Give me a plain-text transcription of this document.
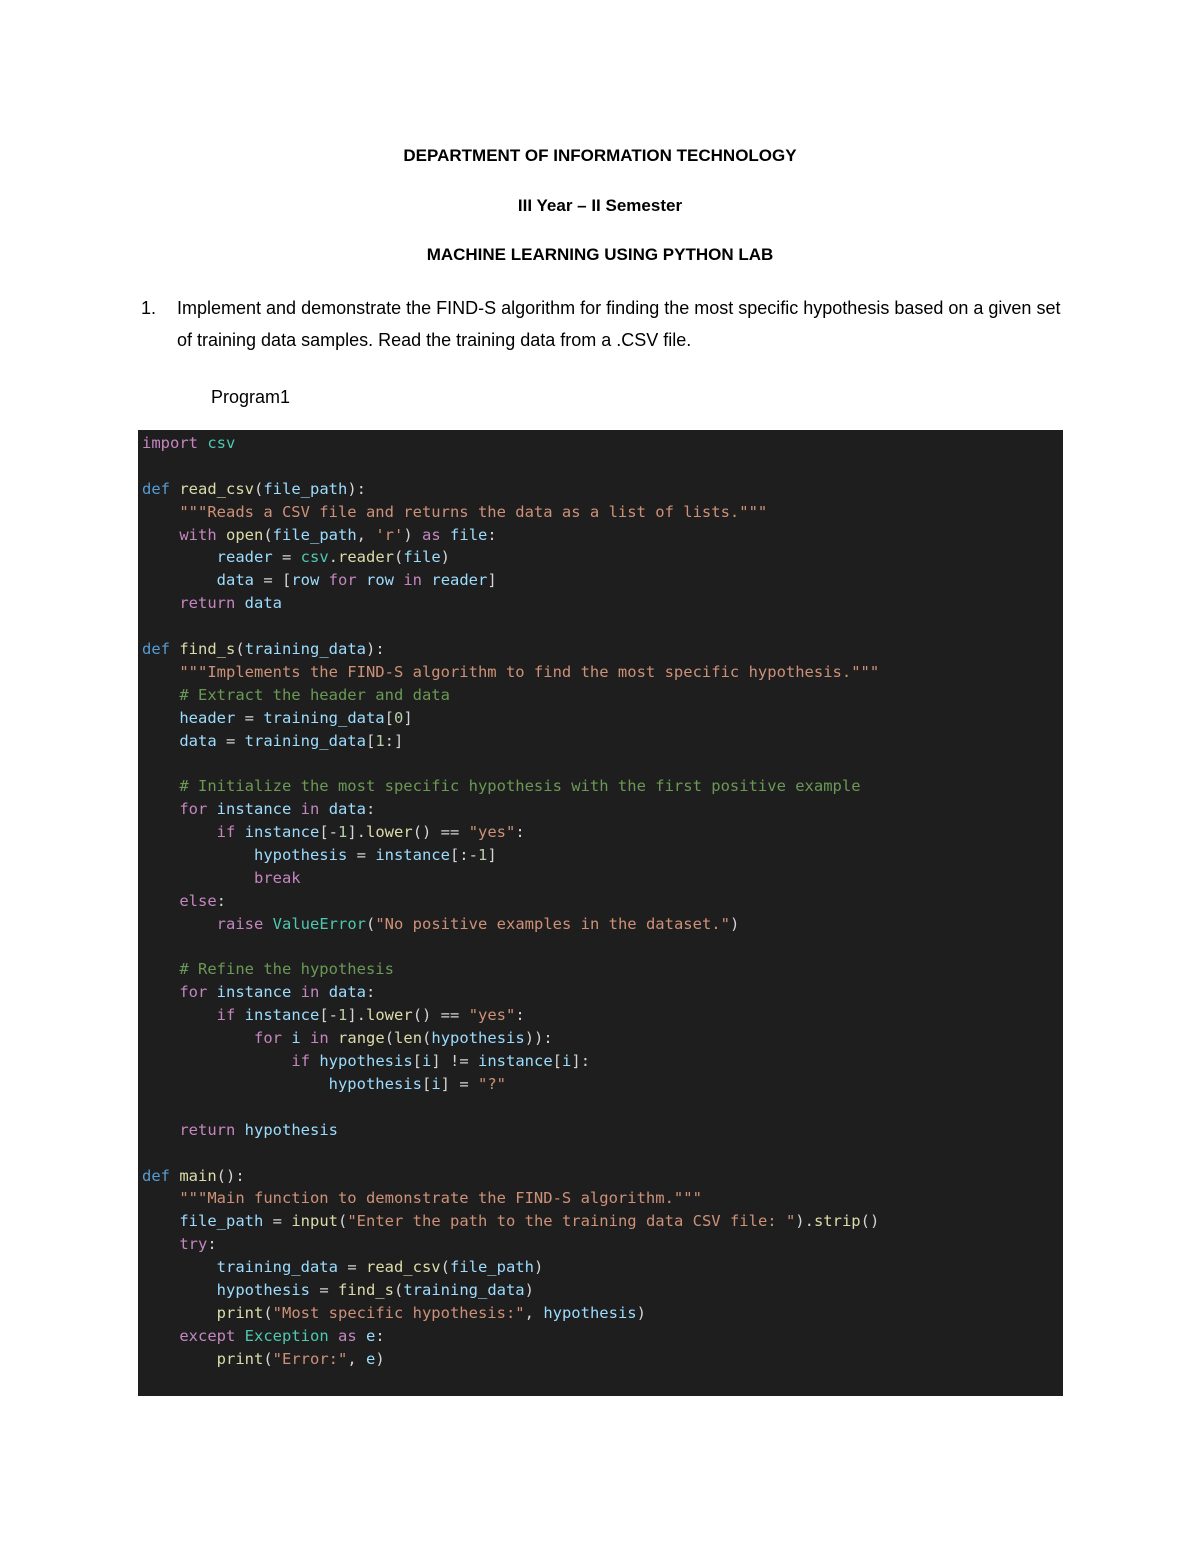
DEPARTMENT OF INFORMATION TECHNOLOGY
III Year – II Semester
MACHINE LEARNING USING PYTHON LAB
1. Implement and demonstrate the FIND-S algorithm for finding the most specific hypothesis based on a given set of training data samples. Read the training data from a .CSV file.
Program1
import csv

def read_csv(file_path):
"""Reads a CSV file and returns the data as a list of lists."""
with open(file_path, 'r') as file:
reader = csv.reader(file)
data = [row for row in reader]
return data

def find_s(training_data):
"""Implements the FIND-S algorithm to find the most specific hypothesis."""
# Extract the header and data
header = training_data[0]
data = training_data[1:]

# Initialize the most specific hypothesis with the first positive example
for instance in data:
if instance[-1].lower() == "yes":
hypothesis = instance[:-1]
break
else:
raise ValueError("No positive examples in the dataset.")

# Refine the hypothesis
for instance in data:
if instance[-1].lower() == "yes":
for i in range(len(hypothesis)):
if hypothesis[i] != instance[i]:
hypothesis[i] = "?"

return hypothesis

def main():
"""Main function to demonstrate the FIND-S algorithm."""
file_path = input("Enter the path to the training data CSV file: ").strip()
try:
training_data = read_csv(file_path)
hypothesis = find_s(training_data)
print("Most specific hypothesis:", hypothesis)
except Exception as e:
print("Error:", e)
